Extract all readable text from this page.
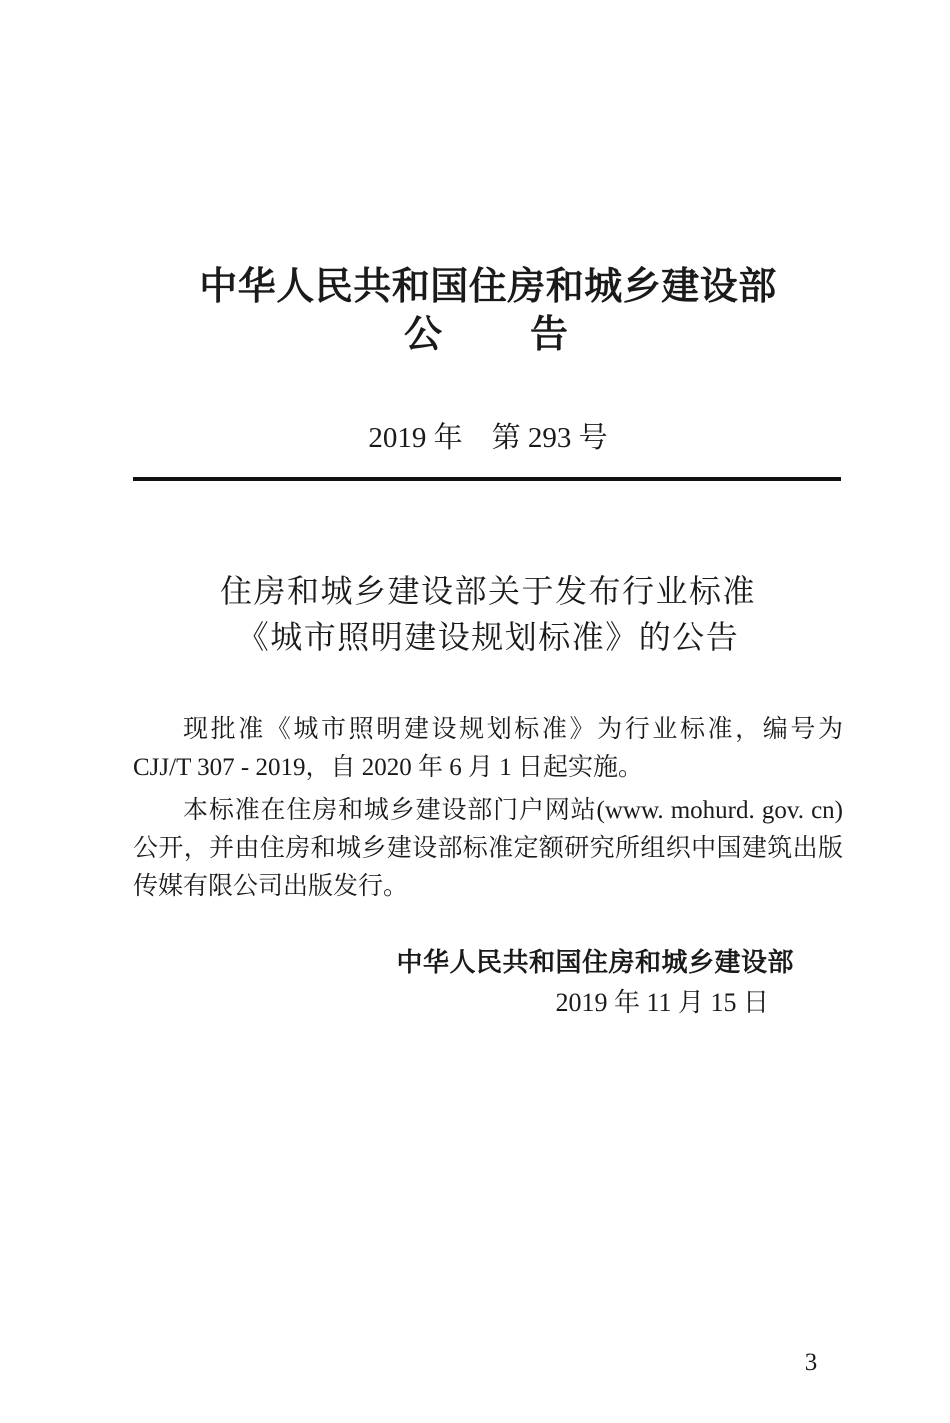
中华人民共和国住房和城乡建设部
公　　告
2019 年　第 293 号
住房和城乡建设部关于发布行业标准
《城市照明建设规划标准》的公告
现批准《城市照明建设规划标准》为行业标准，编号为
CJJ/T 307 - 2019，自 2020 年 6 月 1 日起实施。
本标准在住房和城乡建设部门户网站(www. mohurd. gov. cn)
公开，并由住房和城乡建设部标准定额研究所组织中国建筑出版
传媒有限公司出版发行。
中华人民共和国住房和城乡建设部
2019 年 11 月 15 日
3
